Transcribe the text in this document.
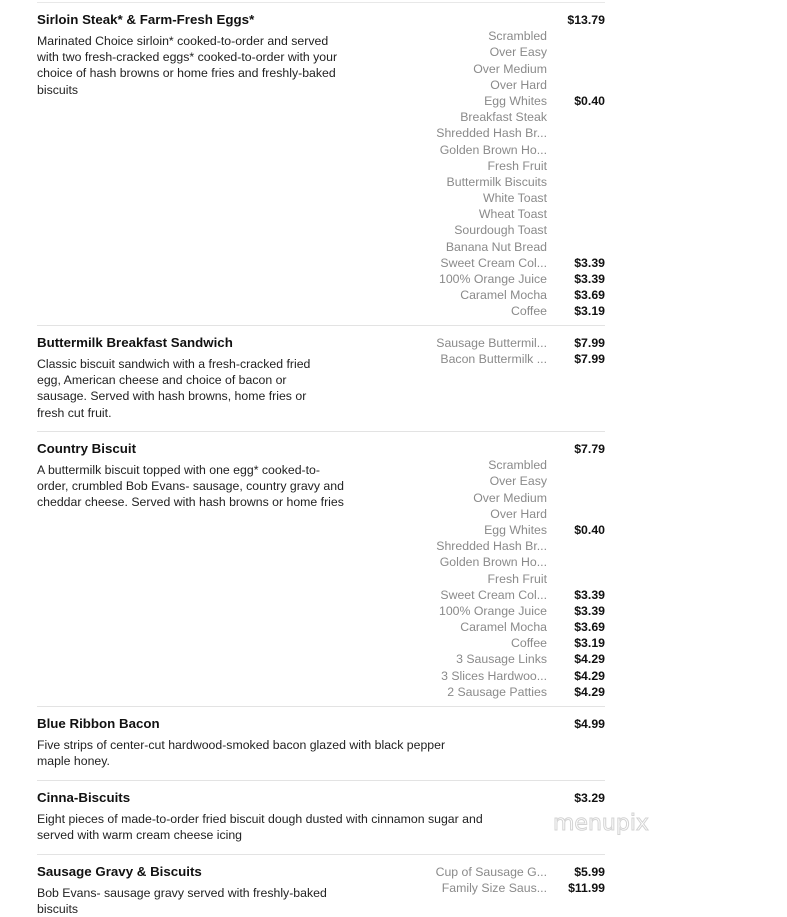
Sirloin Steak* & Farm-Fresh Eggs*
Marinated Choice sirloin* cooked-to-order and served with two fresh-cracked eggs* cooked-to-order with your choice of hash browns or home fries and freshly-baked biscuits
$13.79
Scrambled
Over Easy
Over Medium
Over Hard
Egg Whites	$0.40
Breakfast Steak
Shredded Hash Br...
Golden Brown Ho...
Fresh Fruit
Buttermilk Biscuits
White Toast
Wheat Toast
Sourdough Toast
Banana Nut Bread
Sweet Cream Col...	$3.39
100% Orange Juice	$3.39
Caramel Mocha	$3.69
Coffee	$3.19
Buttermilk Breakfast Sandwich
Classic biscuit sandwich with a fresh-cracked fried egg, American cheese and choice of bacon or sausage. Served with hash browns, home fries or fresh cut fruit.
Sausage Buttermil...	$7.99
Bacon Buttermilk ...	$7.99
Country Biscuit
A buttermilk biscuit topped with one egg* cooked-to-order, crumbled Bob Evans- sausage, country gravy and cheddar cheese. Served with hash browns or home fries
$7.79
Scrambled
Over Easy
Over Medium
Over Hard
Egg Whites	$0.40
Shredded Hash Br...
Golden Brown Ho...
Fresh Fruit
Sweet Cream Col...	$3.39
100% Orange Juice	$3.39
Caramel Mocha	$3.69
Coffee	$3.19
3 Sausage Links	$4.29
3 Slices Hardwoo...	$4.29
2 Sausage Patties	$4.29
Blue Ribbon Bacon
Five strips of center-cut hardwood-smoked bacon glazed with black pepper maple honey.
$4.99
Cinna-Biscuits
Eight pieces of made-to-order fried biscuit dough dusted with cinnamon sugar and served with warm cream cheese icing
$3.29
Sausage Gravy & Biscuits
Bob Evans- sausage gravy served with freshly-baked biscuits
Cup of Sausage G...	$5.99
Family Size Saus...	$11.99
menupix
